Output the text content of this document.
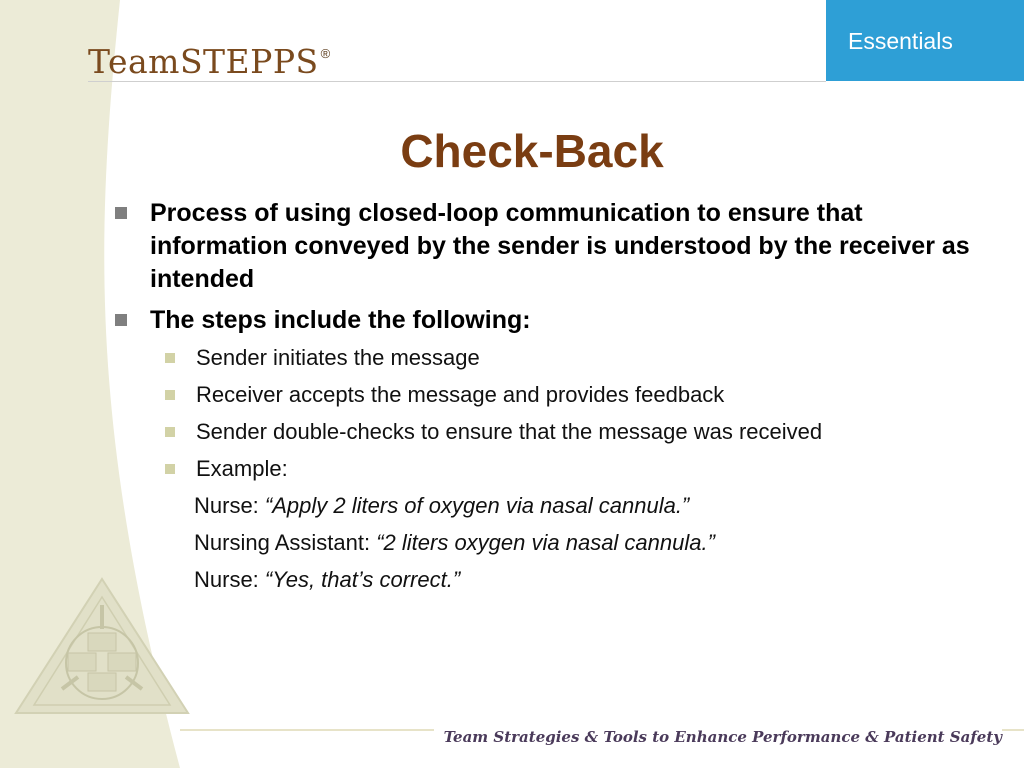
TeamSTEPPS ®	Essentials
Check-Back
Process of using closed-loop communication to ensure that information conveyed by the sender is understood by the receiver as intended
The steps include the following:
Sender initiates the message
Receiver accepts the message and provides feedback
Sender double-checks to ensure that the message was received
Example:
Nurse: “Apply 2 liters of oxygen via nasal cannula.”
Nursing Assistant: “2 liters oxygen via nasal cannula.”
Nurse: “Yes, that’s correct.”
Team Strategies & Tools to Enhance Performance & Patient Safety
